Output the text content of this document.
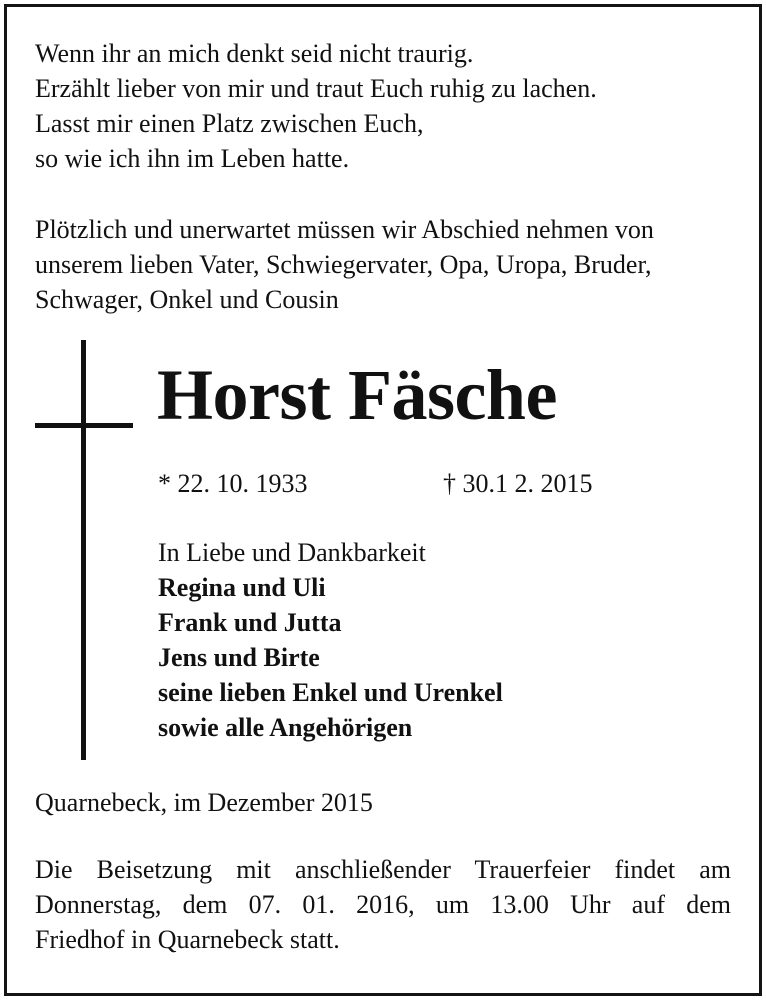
Wenn ihr an mich denkt seid nicht traurig.
Erzählt lieber von mir und traut Euch ruhig zu lachen.
Lasst mir einen Platz zwischen Euch,
so wie ich ihn im Leben hatte.
Plötzlich und unerwartet müssen wir Abschied nehmen von
unserem lieben Vater, Schwiegervater, Opa, Uropa, Bruder,
Schwager, Onkel und Cousin
Horst Fäsche
* 22. 10. 1933	† 30.1 2. 2015
In Liebe und Dankbarkeit
Regina und Uli
Frank und Jutta
Jens und Birte
seine lieben Enkel und Urenkel
sowie alle Angehörigen
Quarnebeck, im Dezember 2015
Die Beisetzung mit anschließender Trauerfeier findet am
Donnerstag, dem 07. 01. 2016, um 13.00 Uhr auf dem
Friedhof in Quarnebeck statt.
